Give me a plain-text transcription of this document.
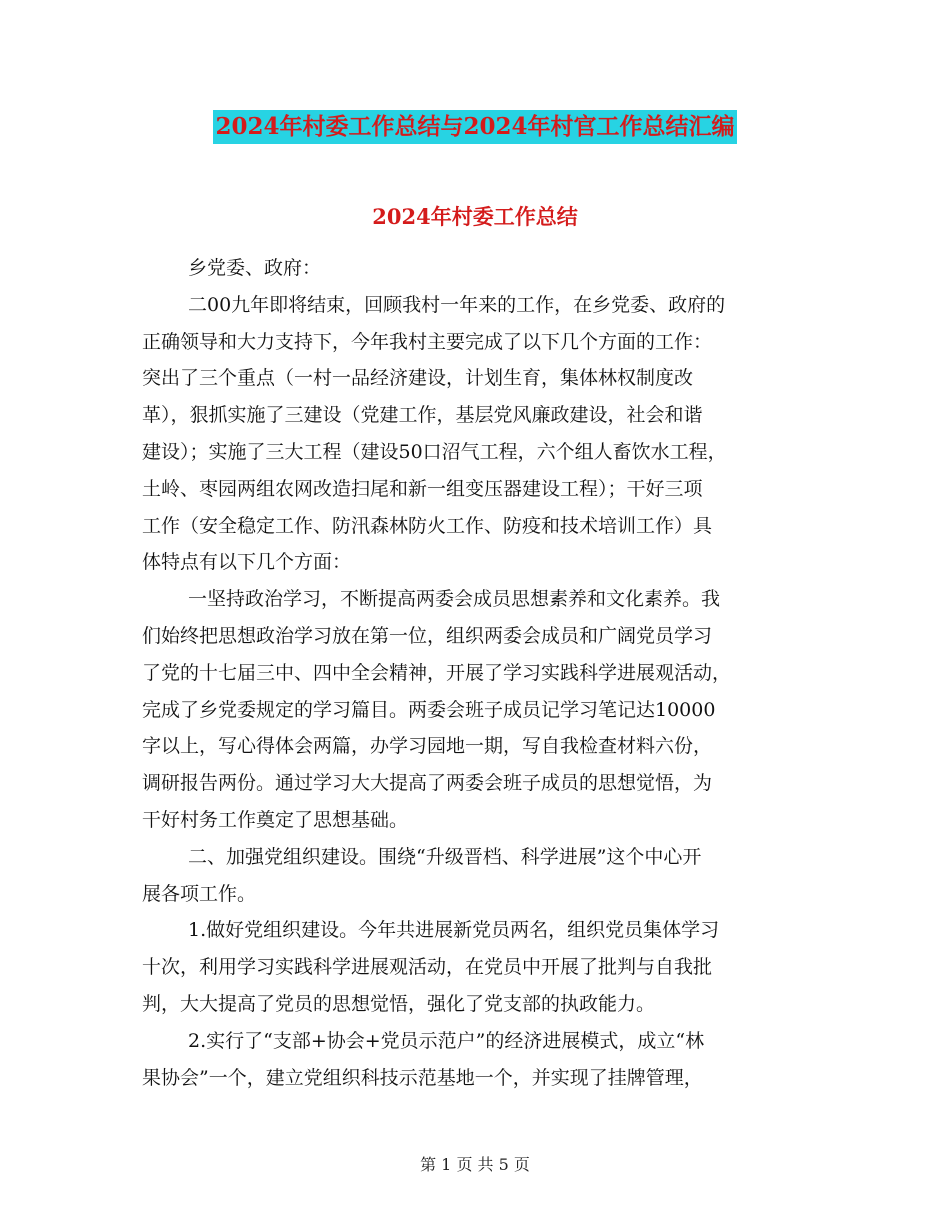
2024年村委工作总结与2024年村官工作总结汇编
2024年村委工作总结
乡党委、政府：
二00九年即将结束，回顾我村一年来的工作，在乡党委、政府的
正确领导和大力支持下，今年我村主要完成了以下几个方面的工作：
突出了三个重点（一村一品经济建设，计划生育，集体林权制度改
革），狠抓实施了三建设（党建工作，基层党风廉政建设，社会和谐
建设）；实施了三大工程（建设50口沼气工程，六个组人畜饮水工程，
土岭、枣园两组农网改造扫尾和新一组变压器建设工程）；干好三项
工作（安全稳定工作、防汛森林防火工作、防疫和技术培训工作）具
体特点有以下几个方面：
一坚持政治学习，不断提高两委会成员思想素养和文化素养。我
们始终把思想政治学习放在第一位，组织两委会成员和广阔党员学习
了党的十七届三中、四中全会精神，开展了学习实践科学进展观活动，
完成了乡党委规定的学习篇目。两委会班子成员记学习笔记达10000
字以上，写心得体会两篇，办学习园地一期，写自我检查材料六份，
调研报告两份。通过学习大大提高了两委会班子成员的思想觉悟，为
干好村务工作奠定了思想基础。
二、加强党组织建设。围绕“升级晋档、科学进展”这个中心开
展各项工作。
1.做好党组织建设。今年共进展新党员两名，组织党员集体学习
十次，利用学习实践科学进展观活动，在党员中开展了批判与自我批
判，大大提高了党员的思想觉悟，强化了党支部的执政能力。
2.实行了“支部+协会+党员示范户”的经济进展模式，成立“林
果协会”一个，建立党组织科技示范基地一个，并实现了挂牌管理，
第 1 页 共 5 页
